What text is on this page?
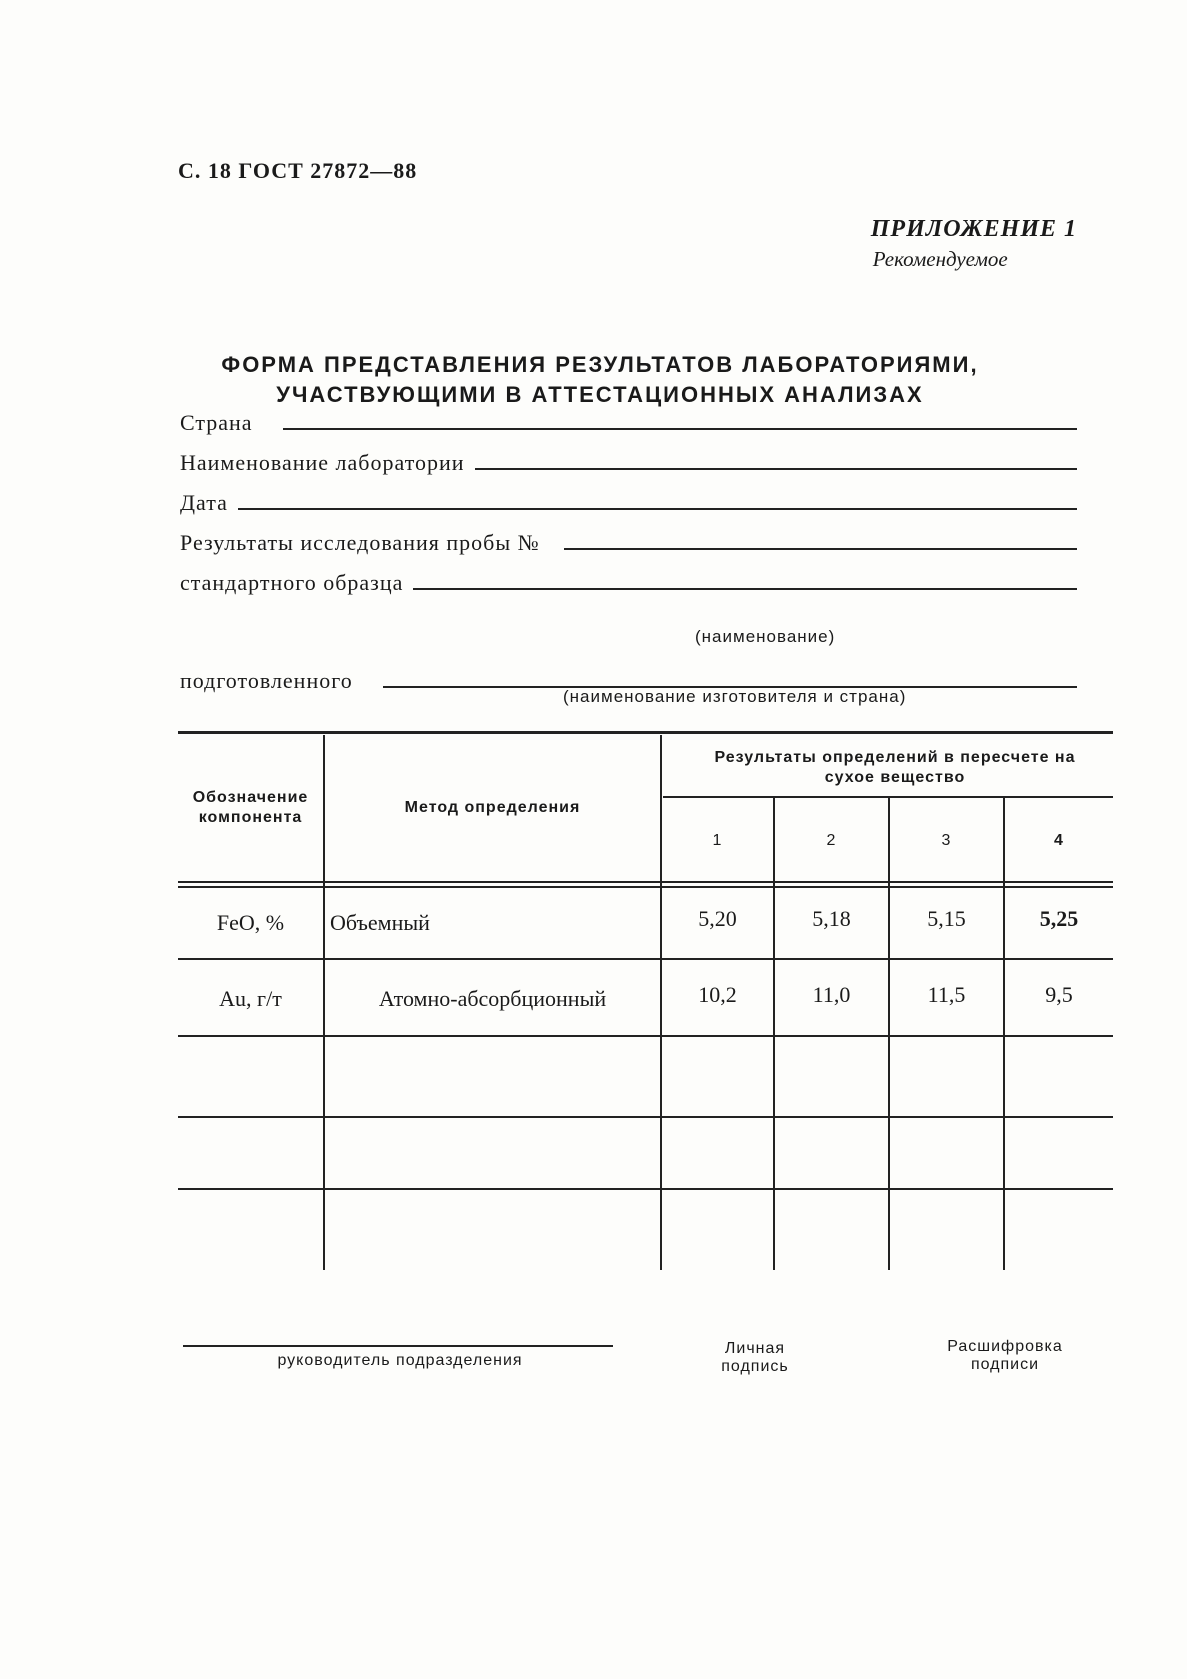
С. 18 ГОСТ 27872—88
ПРИЛОЖЕНИЕ 1
Рекомендуемое
ФОРМА ПРЕДСТАВЛЕНИЯ РЕЗУЛЬТАТОВ ЛАБОРАТОРИЯМИ,
УЧАСТВУЮЩИМИ В АТТЕСТАЦИОННЫХ АНАЛИЗАХ
Страна
Наименование лаборатории
Дата
Результаты исследования пробы №
стандартного образца
(наименование)
подготовленного
(наименование изготовителя и страна)
Обозначение компонента
Метод определения
Результаты определений в пересчете на сухое вещество
1	2	3	4
FeO, %	Объемный	5,20	5,18	5,15	5,25
Au, г/т	Атомно-абсорбционный	10,2	11,0	11,5	9,5
руководитель подразделения
Личная подпись
Расшифровка подписи
